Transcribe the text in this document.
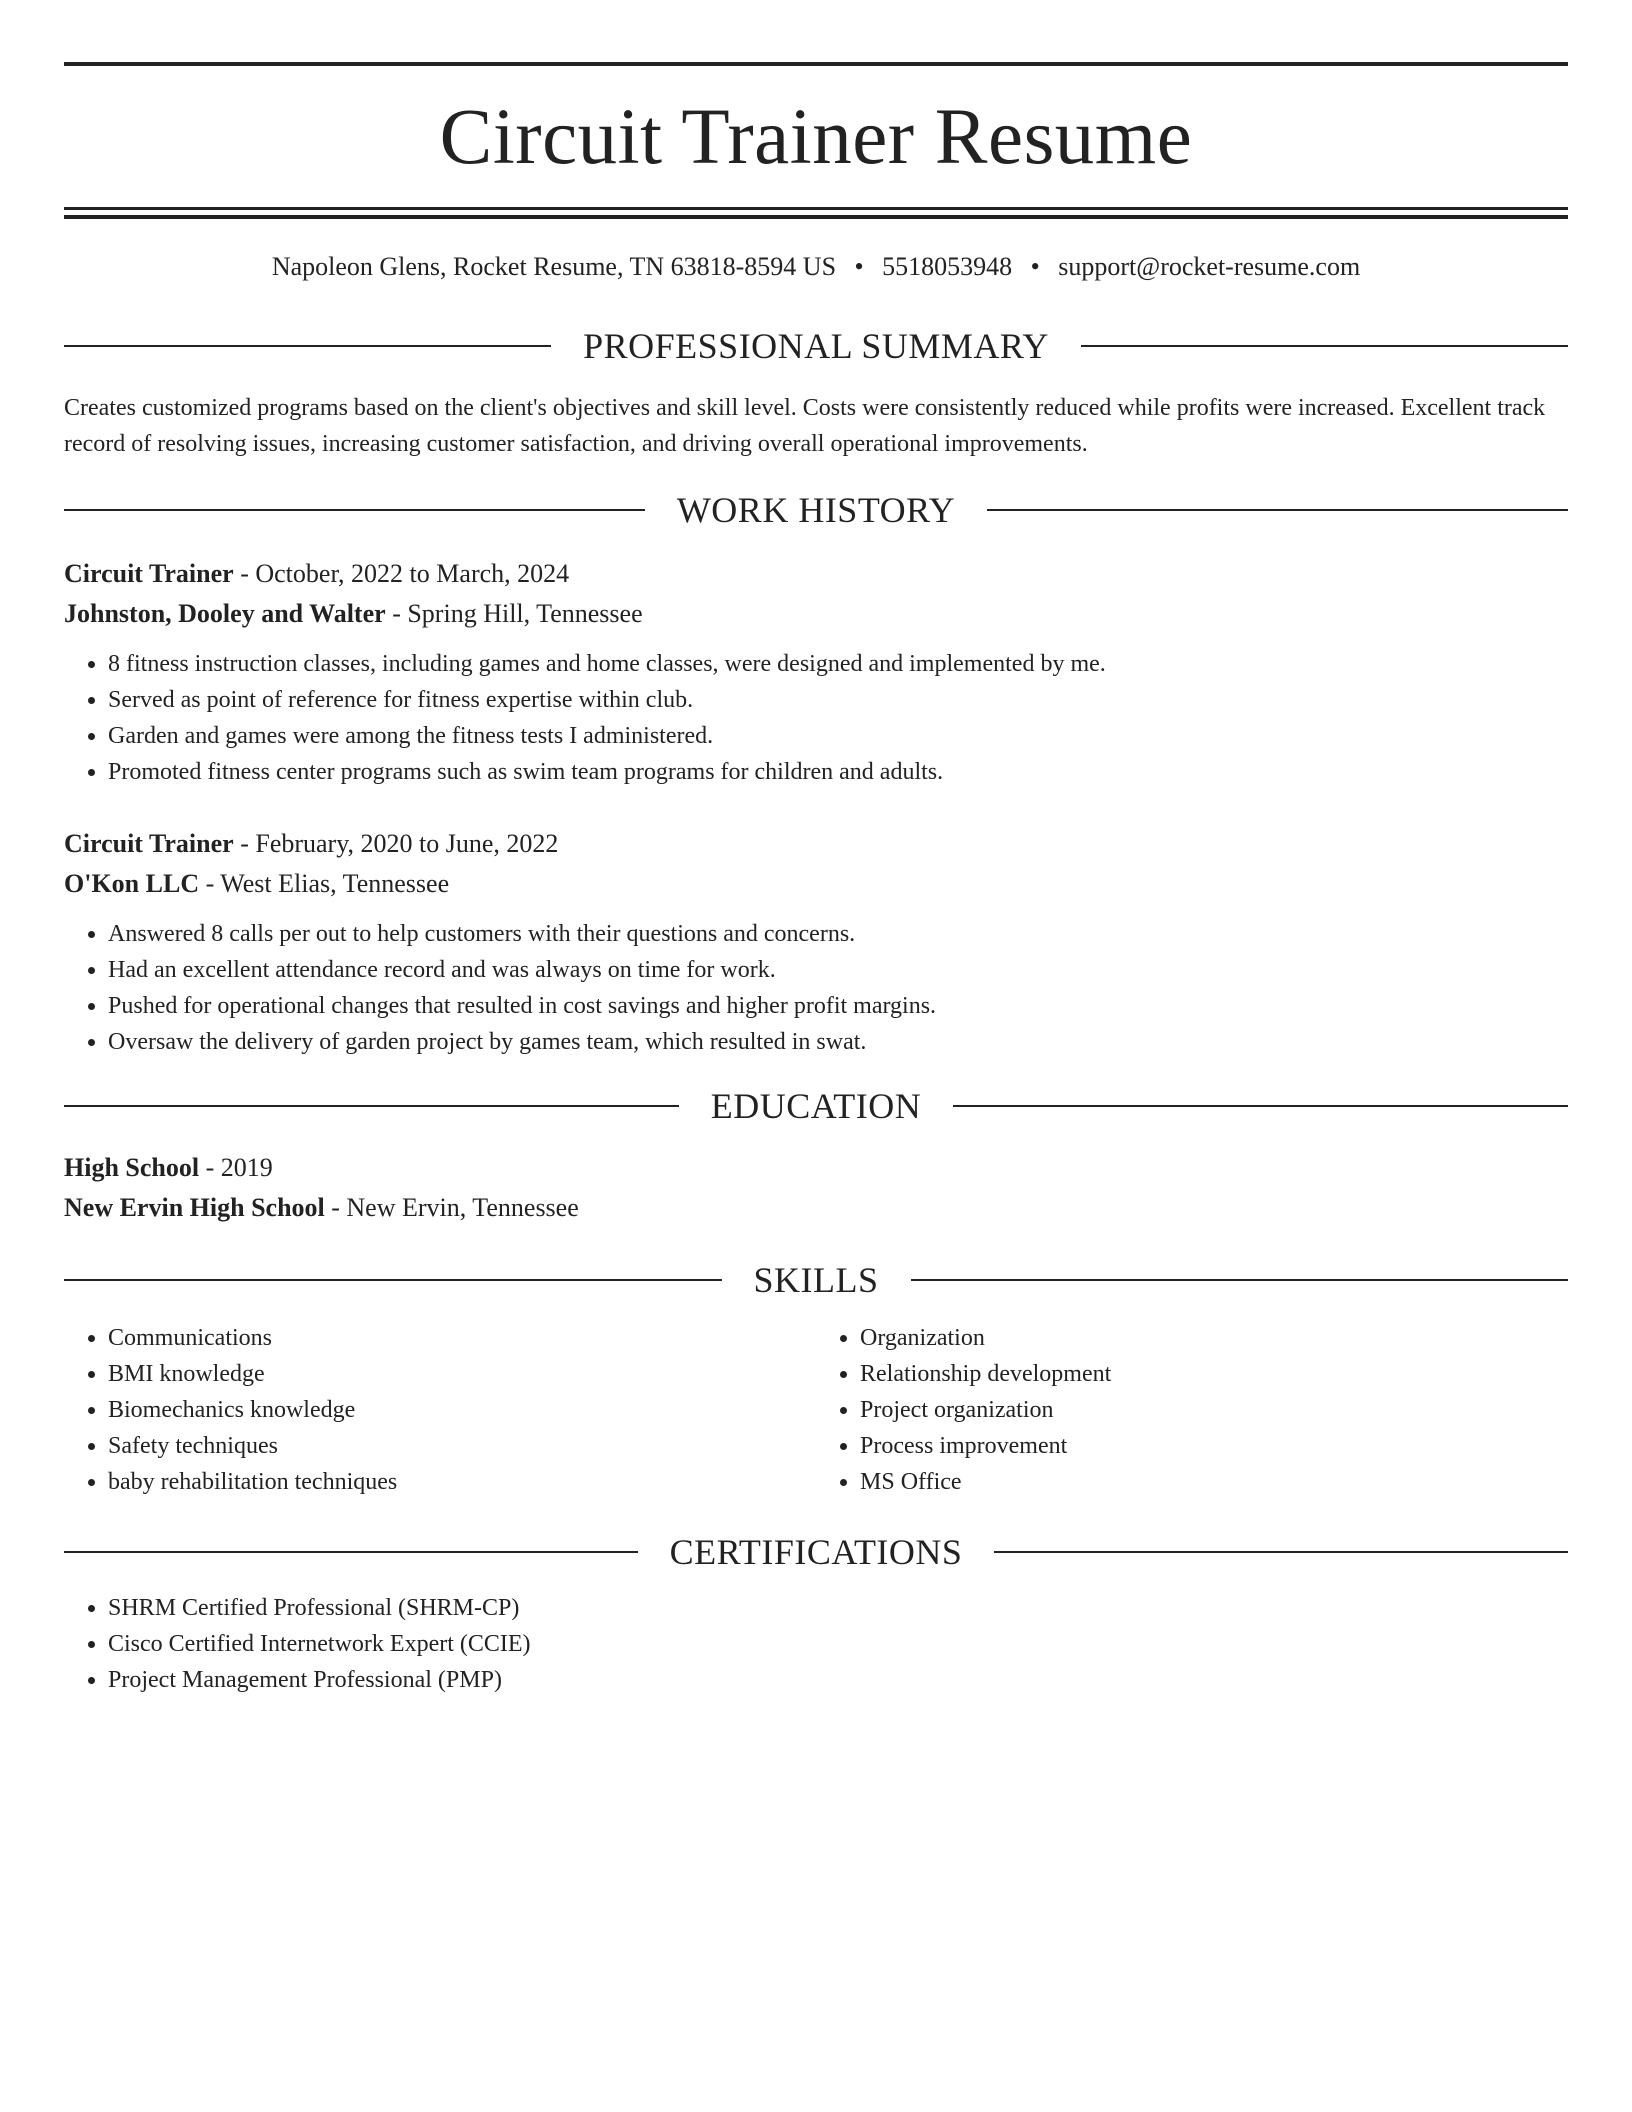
Circuit Trainer Resume
Napoleon Glens, Rocket Resume, TN 63818-8594 US • 5518053948 • support@rocket-resume.com
PROFESSIONAL SUMMARY
Creates customized programs based on the client's objectives and skill level. Costs were consistently reduced while profits were increased. Excellent track record of resolving issues, increasing customer satisfaction, and driving overall operational improvements.
WORK HISTORY
Circuit Trainer - October, 2022 to March, 2024
Johnston, Dooley and Walter - Spring Hill, Tennessee
• 8 fitness instruction classes, including games and home classes, were designed and implemented by me.
• Served as point of reference for fitness expertise within club.
• Garden and games were among the fitness tests I administered.
• Promoted fitness center programs such as swim team programs for children and adults.
Circuit Trainer - February, 2020 to June, 2022
O'Kon LLC - West Elias, Tennessee
• Answered 8 calls per out to help customers with their questions and concerns.
• Had an excellent attendance record and was always on time for work.
• Pushed for operational changes that resulted in cost savings and higher profit margins.
• Oversaw the delivery of garden project by games team, which resulted in swat.
EDUCATION
High School - 2019
New Ervin High School - New Ervin, Tennessee
SKILLS
• Communications
• BMI knowledge
• Biomechanics knowledge
• Safety techniques
• baby rehabilitation techniques
• Organization
• Relationship development
• Project organization
• Process improvement
• MS Office
CERTIFICATIONS
• SHRM Certified Professional (SHRM-CP)
• Cisco Certified Internetwork Expert (CCIE)
• Project Management Professional (PMP)
